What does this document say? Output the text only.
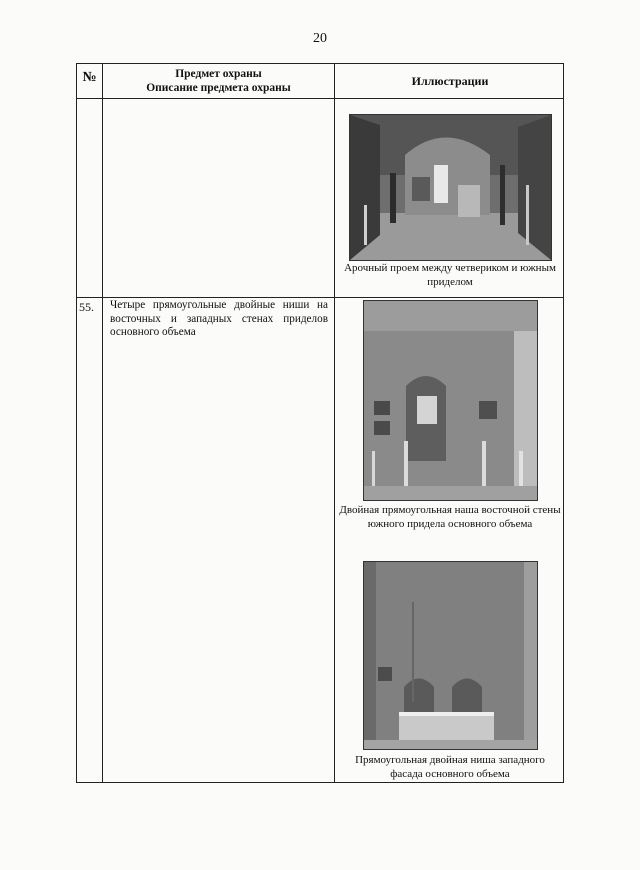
20
№	Предмет охраны
Описание предмета охраны	Иллюстрации
55. Четыре прямоугольные двойные ниши на восточных и западных стенах приделов основного объема
Арочный проем между четвериком и южным приделом
Двойная прямоугольная наша восточной стены южного придела основного объема
Прямоугольная двойная ниша западного фасада основного объема
